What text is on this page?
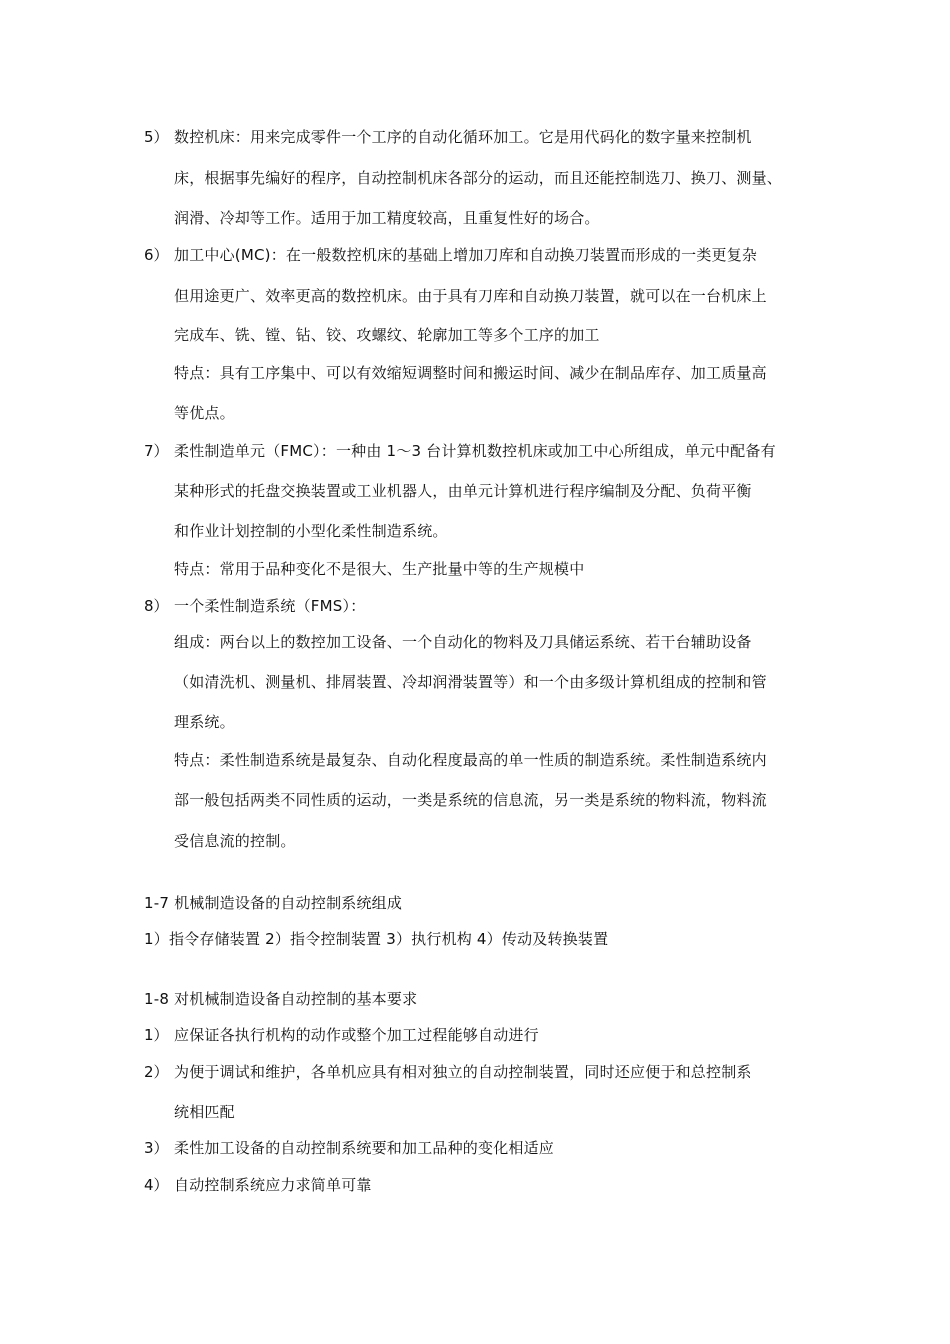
5） 数控机床：用来完成零件一个工序的自动化循环加工。它是用代码化的数字量来控制机
床，根据事先编好的程序，自动控制机床各部分的运动，而且还能控制选刀、换刀、测量、
润滑、冷却等工作。适用于加工精度较高，且重复性好的场合。
6） 加工中心(MC)：在一般数控机床的基础上增加刀库和自动换刀装置而形成的一类更复杂
但用途更广、效率更高的数控机床。由于具有刀库和自动换刀装置，就可以在一台机床上
完成车、铣、镗、钻、铰、攻螺纹、轮廓加工等多个工序的加工
特点：具有工序集中、可以有效缩短调整时间和搬运时间、减少在制品库存、加工质量高
等优点。
7） 柔性制造单元（FMC）：一种由 1～3 台计算机数控机床或加工中心所组成，单元中配备有
某种形式的托盘交换装置或工业机器人，由单元计算机进行程序编制及分配、负荷平衡
和作业计划控制的小型化柔性制造系统。
特点：常用于品种变化不是很大、生产批量中等的生产规模中
8） 一个柔性制造系统（FMS）：
组成：两台以上的数控加工设备、一个自动化的物料及刀具储运系统、若干台辅助设备
（如清洗机、测量机、排屑装置、冷却润滑装置等）和一个由多级计算机组成的控制和管
理系统。
特点：柔性制造系统是最复杂、自动化程度最高的单一性质的制造系统。柔性制造系统内
部一般包括两类不同性质的运动，一类是系统的信息流，另一类是系统的物料流，物料流
受信息流的控制。
1-7 机械制造设备的自动控制系统组成
1）指令存储装置 2）指令控制装置 3）执行机构 4）传动及转换装置
1-8 对机械制造设备自动控制的基本要求
1） 应保证各执行机构的动作或整个加工过程能够自动进行
2） 为便于调试和维护，各单机应具有相对独立的自动控制装置，同时还应便于和总控制系
统相匹配
3） 柔性加工设备的自动控制系统要和加工品种的变化相适应
4） 自动控制系统应力求简单可靠
